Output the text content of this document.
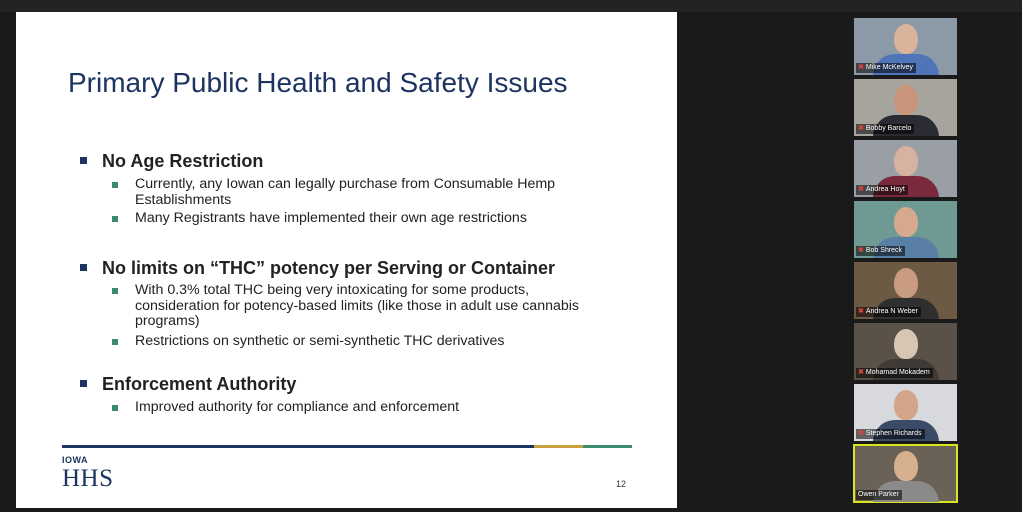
Primary Public Health and Safety Issues
No Age Restriction
Currently, any Iowan can legally purchase from Consumable Hemp Establishments
Many Registrants have implemented their own age restrictions
No limits on “THC” potency per Serving or Container
With 0.3% total THC being very intoxicating for some products, consideration for potency-based limits (like those in adult use cannabis programs)
Restrictions on synthetic or semi-synthetic THC derivatives
Enforcement Authority
Improved authority for compliance and enforcement
IOWA
HHS	12
✖ Mike McKelvey
✖ Bobby Barcelo
✖ Andrea Hoyt
✖ Bob Shreck
✖ Andrea N Weber
✖ Mohamad Mokadem
✖ Stephen Richards
Owen Parker
